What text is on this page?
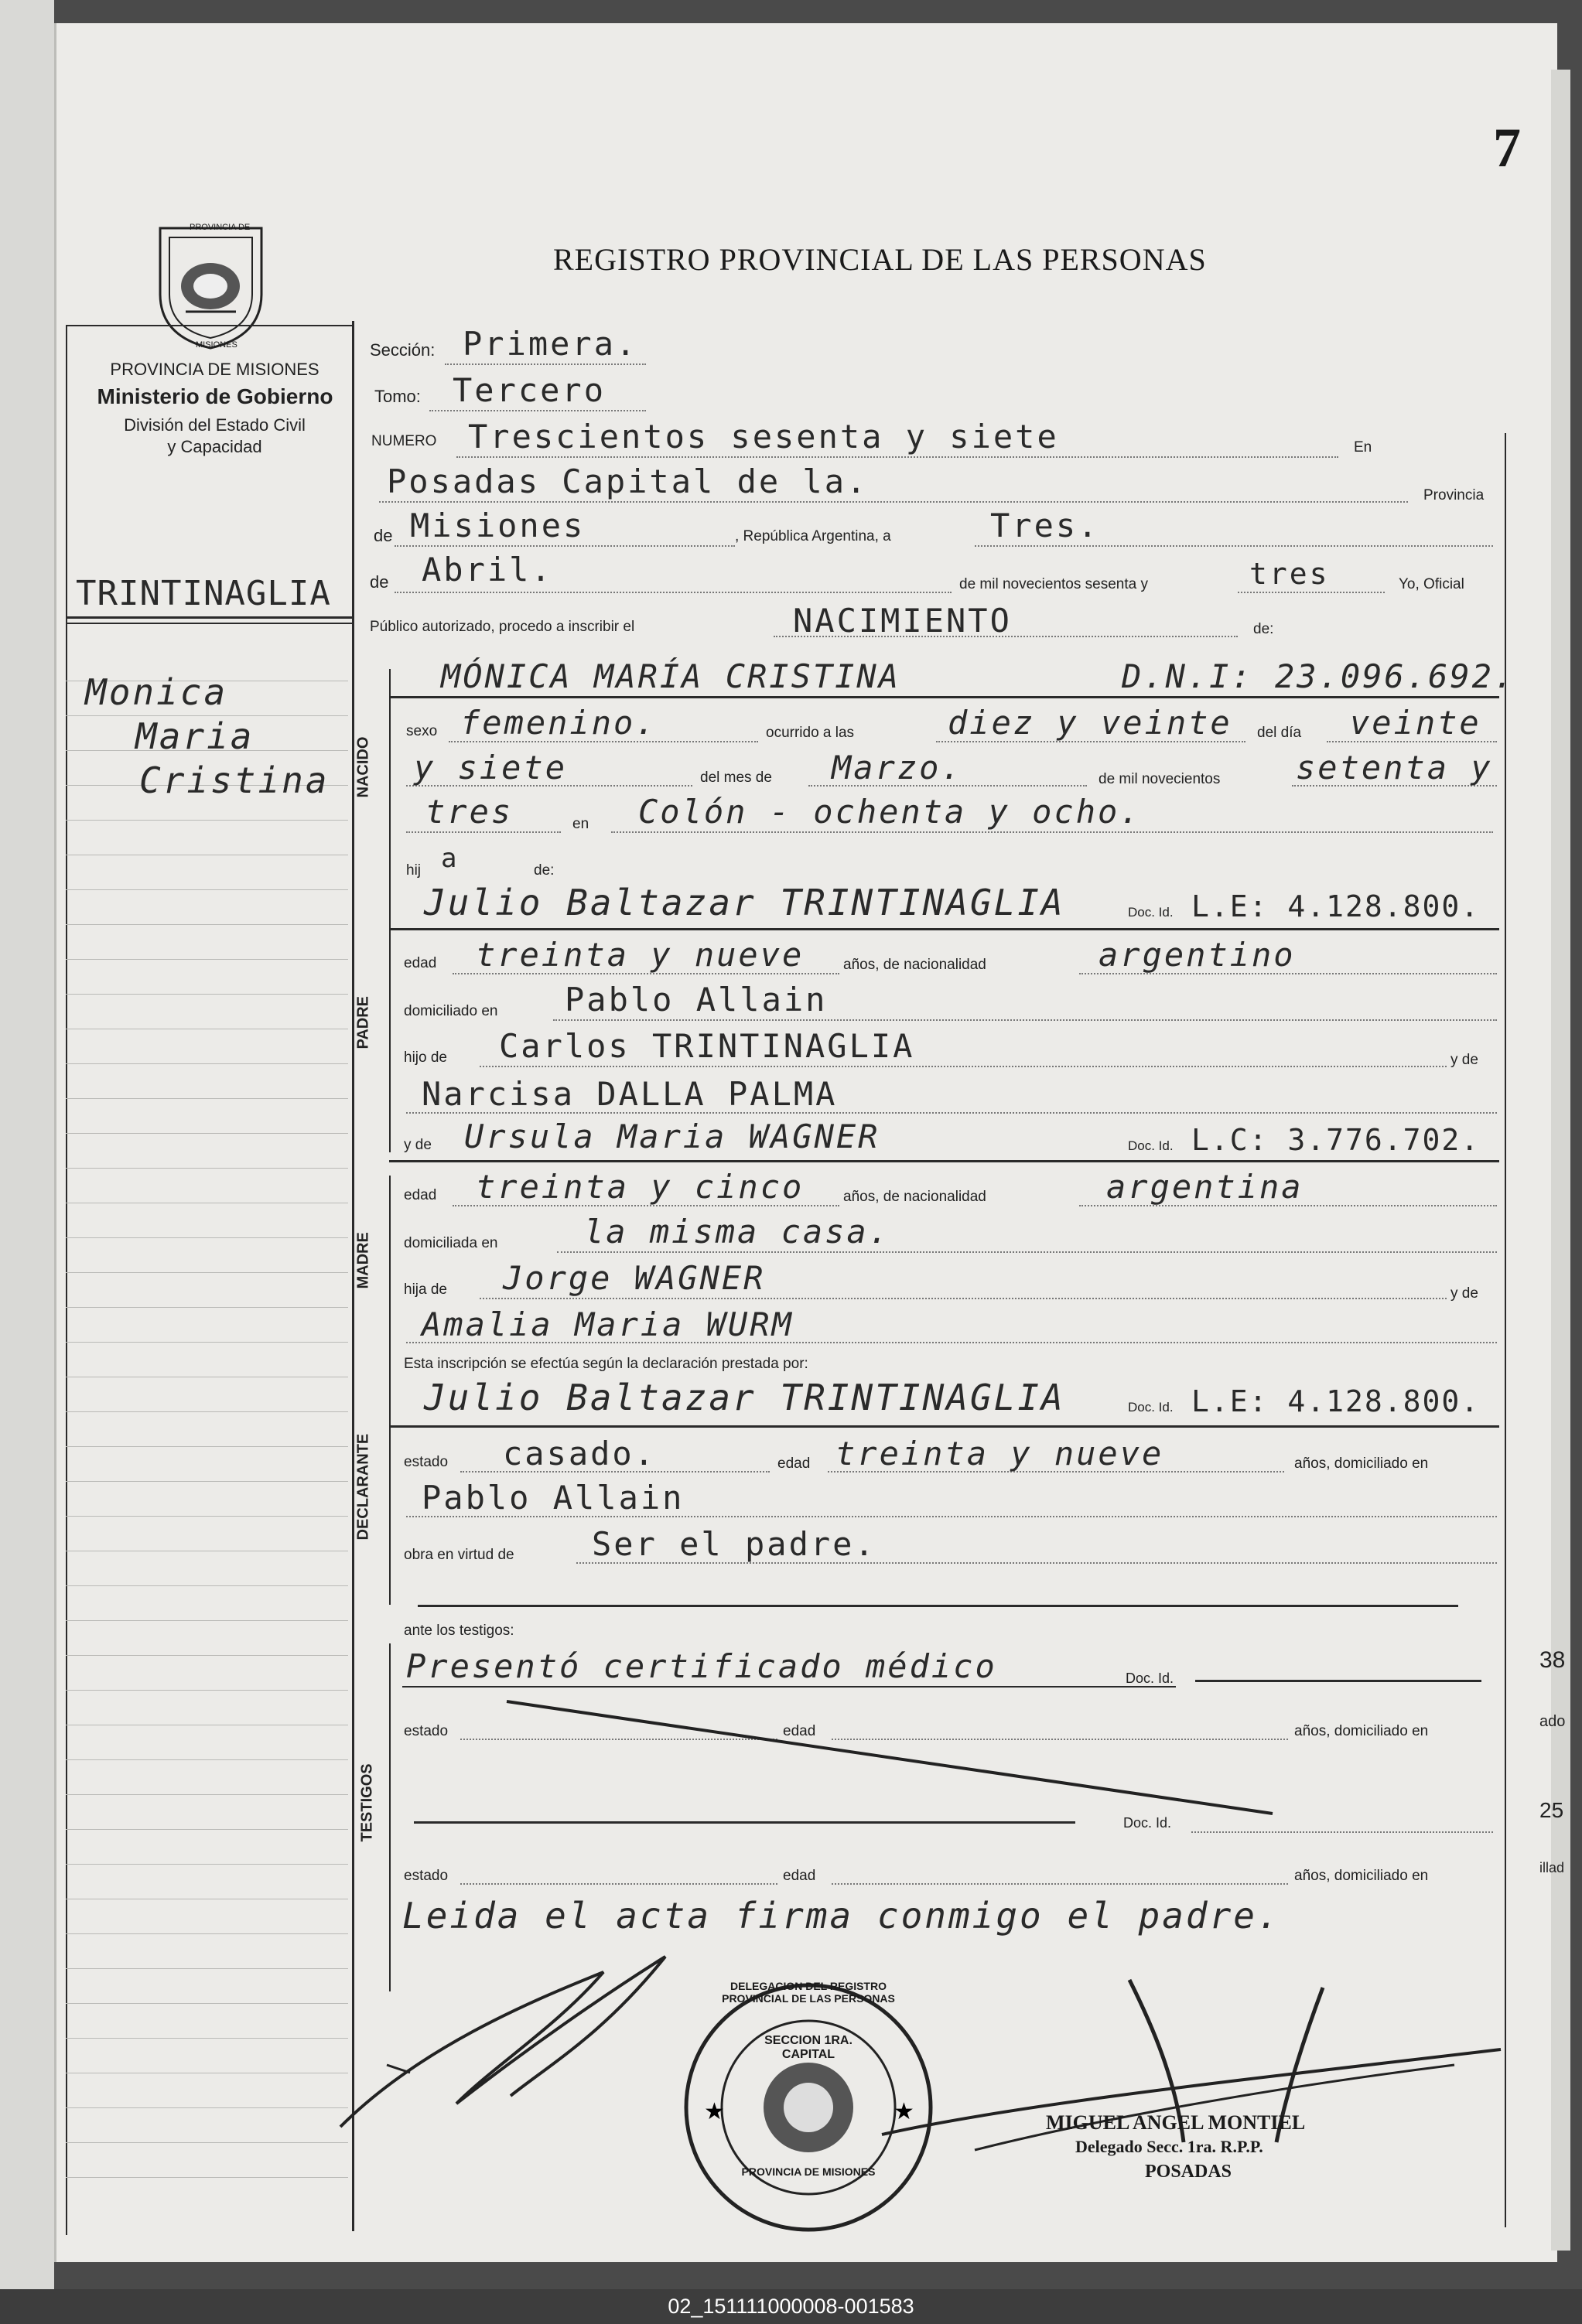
38
ado
25
illad
7
PROVINCIA DE
MISIONES
PROVINCIA DE MISIONES
Ministerio de Gobierno
División del Estado Civil
y Capacidad
REGISTRO PROVINCIAL DE LAS PERSONAS
TRINTINAGLIA
Monica
Maria
Cristina
Sección: Primera.
Tomo: Tercero
NUMERO Trescientos sesenta y siete	En
Posadas Capital de la.	Provincia
de Misiones	, República Argentina, a	Tres.
de Abril.	de mil novecientos sesenta y	tres	Yo, Oficial
Público autorizado, procedo a inscribir el	NACIMIENTO	de:
NACIDO
MÓNICA MARÍA CRISTINA	D.N.I: 23.096.692.
sexo femenino.	ocurrido a las	diez y veinte del día veinte
y siete	del mes de Marzo.	de mil novecientos setenta y
tres	en Colón - ochenta y ocho.
hij a	de:
PADRE
Julio Baltazar TRINTINAGLIA	Doc. Id. L.E: 4.128.800.
edad treinta y nueve	años, de nacionalidad	argentino
domiciliado en Pablo Allain
hijo de Carlos TRINTINAGLIA	y de
Narcisa DALLA PALMA
MADRE
y de Ursula Maria WAGNER	Doc. Id. L.C: 3.776.702.
edad treinta y cinco	años, de nacionalidad	argentina
domiciliada en	la misma casa.
hija de Jorge WAGNER	y de
Amalia Maria WURM
Esta inscripción se efectúa según la declaración prestada por:
DECLARANTE
Julio Baltazar TRINTINAGLIA	Doc. Id. L.E: 4.128.800.
estado casado.	edad treinta y nueve	años, domiciliado en
Pablo Allain
obra en virtud de Ser el padre.
ante los testigos:
TESTIGOS
Presentó certificado médico	Doc. Id.
estado	edad	años, domiciliado en
Doc. Id.
estado	edad	años, domiciliado en
Leida el acta firma conmigo el padre.
★	★
DELEGACION DEL REGISTRO PROVINCIAL DE LAS PERSONAS
SECCION 1RA. CAPITAL
PROVINCIA DE MISIONES
MIGUEL ANGEL MONTIEL
Delegado Secc. 1ra. R.P.P.
POSADAS
02_151111000008-001583
